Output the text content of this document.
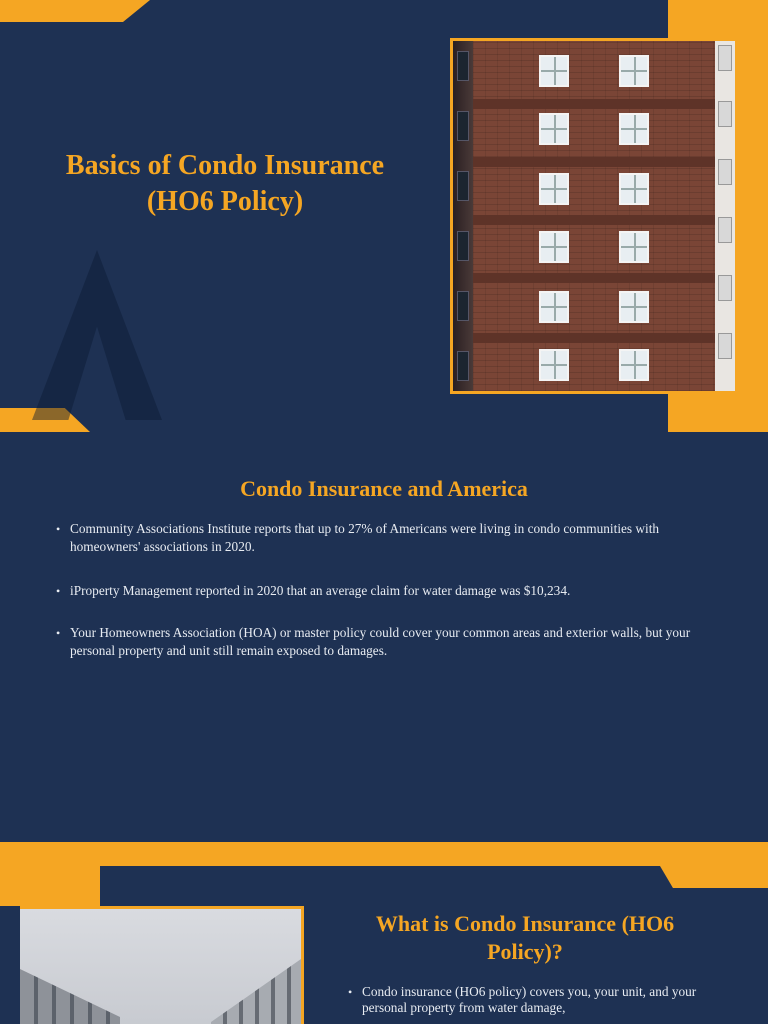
Basics of Condo Insurance
(HO6 Policy)
Condo Insurance and America
• Community Associations Institute reports that up to 27% of Americans were living in condo communities with homeowners' associations in 2020.
• iProperty Management reported in 2020 that an average claim for water damage was $10,234.
• Your Homeowners Association (HOA) or master policy could cover your common areas and exterior walls, but your personal property and unit still remain exposed to damages.
What is Condo Insurance (HO6 Policy)?
• Condo insurance (HO6 policy) covers you, your unit, and your personal property from water damage,
